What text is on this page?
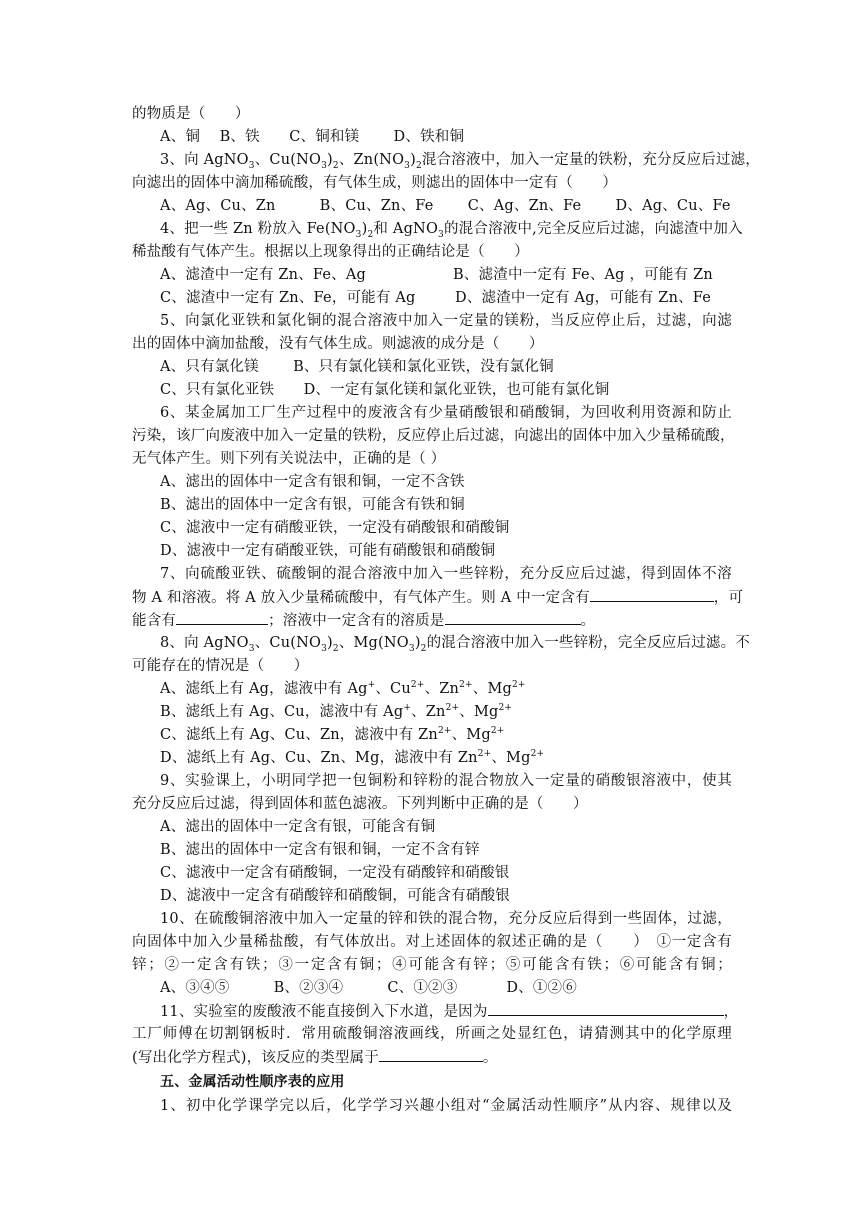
的物质是（　　）
A、铜　 B、铁　　C、铜和镁　　 D、铁和铜
3、向 AgNO$_3$、$Cu(NO_3)_2$、$Zn(NO_3)_2$混合溶液中，加入一定量的铁粉，充分反应后过滤，
向滤出的固体中滴加稀硫酸，有气体生成，则滤出的固体中一定有（　　）
A、Ag、Cu、Zn　　　B、Cu、Zn、Fe　　 C、Ag、Zn、Fe　　 D、Ag、Cu、Fe
4、把一些 Zn 粉放入 $Fe(NO_3)_2$和 AgNO$_3$的混合溶液中,完全反应后过滤，向滤渣中加入
稀盐酸有气体产生。根据以上现象得出的正确结论是（　　）
A、滤渣中一定有 Zn、Fe、Ag	B、滤渣中一定有 Fe、Ag ，可能有 Zn
C、滤渣中一定有 Zn、Fe，可能有 Ag	D、滤渣中一定有 Ag，可能有 Zn、Fe
5、向氯化亚铁和氯化铜的混合溶液中加入一定量的镁粉，当反应停止后，过滤，向滤
出的固体中滴加盐酸，没有气体生成。则滤液的成分是（　　）
A、只有氯化镁　　 B、只有氯化镁和氯化亚铁，没有氯化铜
C、只有氯化亚铁　　D、一定有氯化镁和氯化亚铁，也可能有氯化铜
6、某金属加工厂生产过程中的废液含有少量硝酸银和硝酸铜，为回收利用资源和防止
污染，该厂向废液中加入一定量的铁粉，反应停止后过滤，向滤出的固体中加入少量稀硫酸，
无气体产生。则下列有关说法中，正确的是（ ）
A、滤出的固体中一定含有银和铜，一定不含铁
B、滤出的固体中一定含有银，可能含有铁和铜
C、滤液中一定有硝酸亚铁，一定没有硝酸银和硝酸铜
D、滤液中一定有硝酸亚铁，可能有硝酸银和硝酸铜
7、向硫酸亚铁、硫酸铜的混合溶液中加入一些锌粉，充分反应后过滤，得到固体不溶
物 A 和溶液。将 A 放入少量稀硫酸中，有气体产生。则 A 中一定含有	，可
能含有	；溶液中一定含有的溶质是	。
8、向 AgNO$_3$、$Cu(NO_3)_2$、$Mg(NO_3)_2$的混合溶液中加入一些锌粉，完全反应后过滤。不
可能存在的情况是（　　）
A、滤纸上有 Ag，滤液中有 Ag+、$Cu^{2+}$、$Zn^{2+}$、$Mg^{2+}$
B、滤纸上有 Ag、Cu，滤液中有 Ag+、$Zn^{2+}$、$Mg^{2+}$
C、滤纸上有 Ag、Cu、Zn，滤液中有 $Zn^{2+}$、$Mg^{2+}$
D、滤纸上有 Ag、Cu、Zn、Mg，滤液中有 $Zn^{2+}$、$Mg^{2+}$
9、实验课上，小明同学把一包铜粉和锌粉的混合物放入一定量的硝酸银溶液中，使其
充分反应后过滤，得到固体和蓝色滤液。下列判断中正确的是（　　）
A、滤出的固体中一定含有银，可能含有铜
B、滤出的固体中一定含有银和铜，一定不含有锌
C、滤液中一定含有硝酸铜，一定没有硝酸锌和硝酸银
D、滤液中一定含有硝酸锌和硝酸铜，可能含有硝酸银
10、在硫酸铜溶液中加入一定量的锌和铁的混合物，充分反应后得到一些固体，过滤，
向固体中加入少量稀盐酸，有气体放出。对上述固体的叙述正确的是（　　）　①一定含有
锌；②一定含有铁；③一定含有铜；④可能含有锌；⑤可能含有铁；⑥可能含有铜；
A、③④⑤　　　B、②③④　　　C、①②③　　　 D、①②⑥
11、实验室的废酸液不能直接倒入下水道，是因为	，
工厂师傅在切割钢板时．常用硫酸铜溶液画线，所画之处显红色，请猜测其中的化学原理
(写出化学方程式)，该反应的类型属于	。
五、金属活动性顺序表的应用
1、初中化学课学完以后，化学学习兴趣小组对“金属活动性顺序”从内容、规律以及
